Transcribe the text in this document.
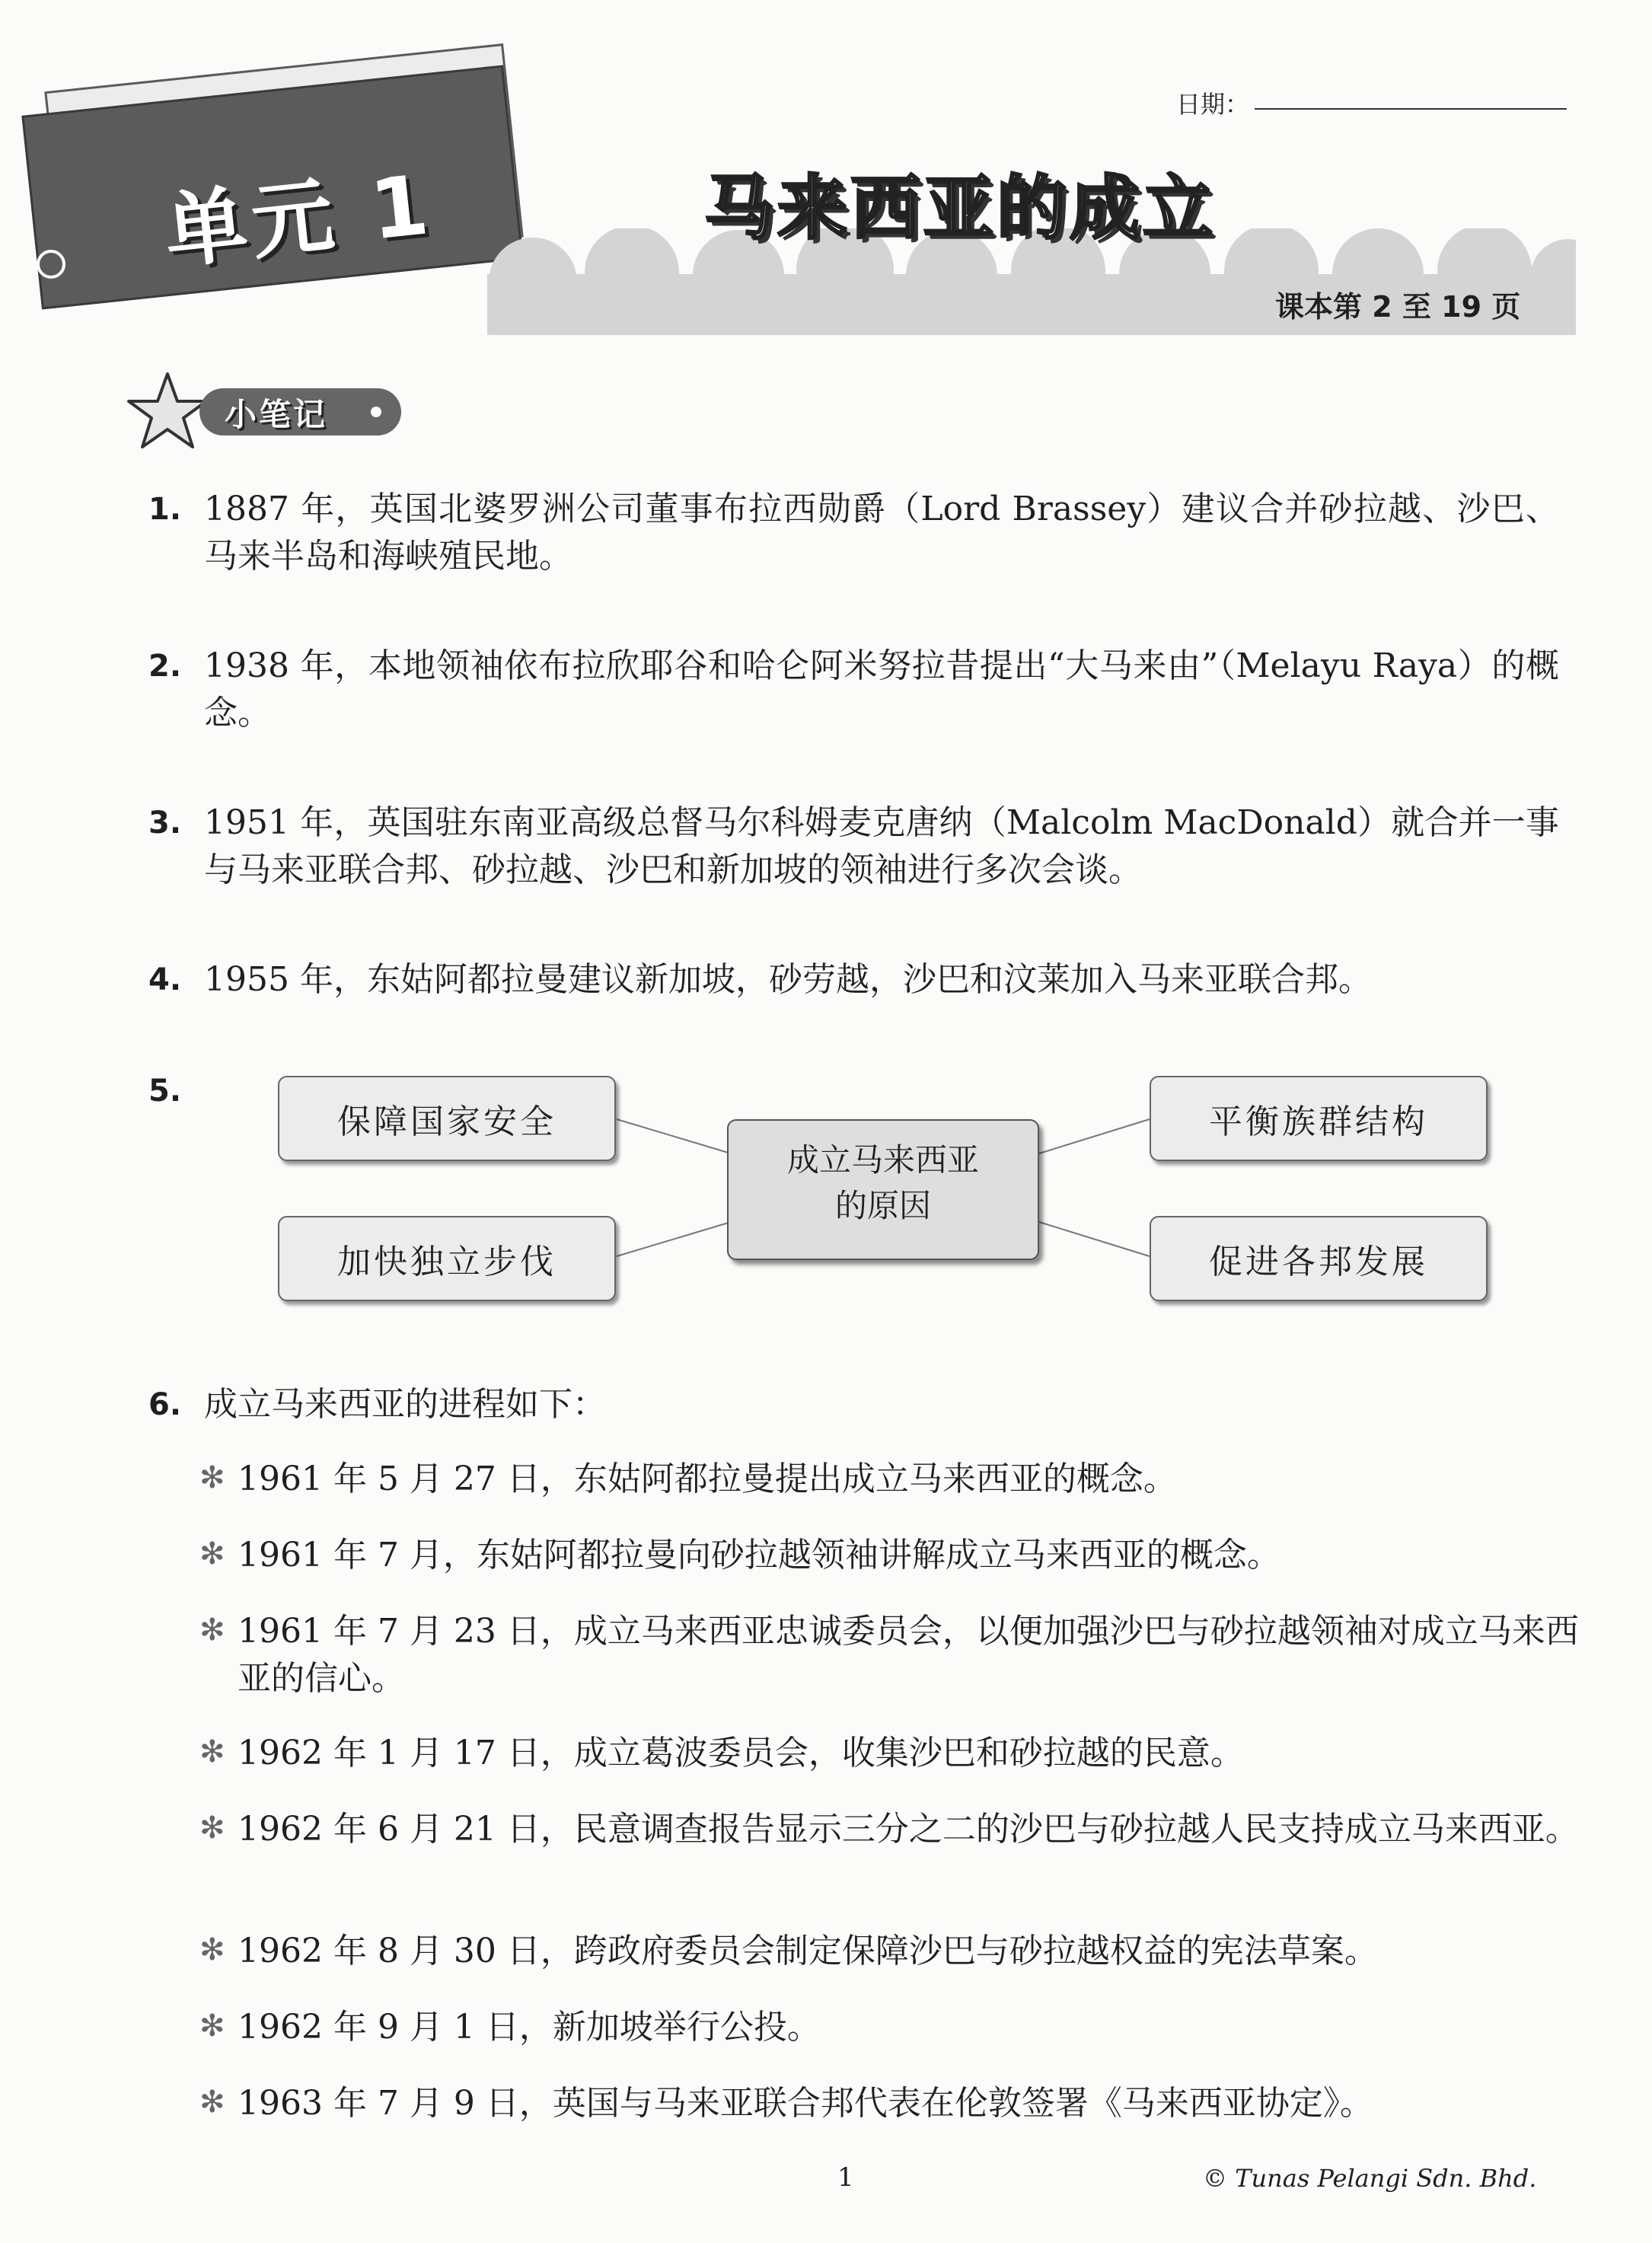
单元 1
日期：
马来西亚的成立
课本第 2 至 19 页
小笔记
1. 1887 年，英国北婆罗洲公司董事布拉西勋爵（Lord Brassey）建议合并砂拉越、沙巴、马来半岛和海峡殖民地。
2. 1938 年，本地领袖依布拉欣耶谷和哈仑阿米努拉昔提出“大马来由”（Melayu Raya）的概念。
3. 1951 年，英国驻东南亚高级总督马尔科姆麦克唐纳（Malcolm MacDonald）就合并一事与马来亚联合邦、砂拉越、沙巴和新加坡的领袖进行多次会谈。
4. 1955 年，东姑阿都拉曼建议新加坡，砂劳越，沙巴和汶莱加入马来亚联合邦。
5.
保障国家安全
加快独立步伐
平衡族群结构
促进各邦发展
成立马来西亚
的原因
6. 成立马来西亚的进程如下：
✻ 1961 年 5 月 27 日，东姑阿都拉曼提出成立马来西亚的概念。
✻ 1961 年 7 月，东姑阿都拉曼向砂拉越领袖讲解成立马来西亚的概念。
✻ 1961 年 7 月 23 日，成立马来西亚忠诚委员会，以便加强沙巴与砂拉越领袖对成立马来西亚的信心。
✻ 1962 年 1 月 17 日，成立葛波委员会，收集沙巴和砂拉越的民意。
✻ 1962 年 6 月 21 日，民意调查报告显示三分之二的沙巴与砂拉越人民支持成立马来西亚。
✻ 1962 年 8 月 30 日，跨政府委员会制定保障沙巴与砂拉越权益的宪法草案。
✻ 1962 年 9 月 1 日，新加坡举行公投。
✻ 1963 年 7 月 9 日，英国与马来亚联合邦代表在伦敦签署《马来西亚协定》。
1	© Tunas Pelangi Sdn. Bhd.
